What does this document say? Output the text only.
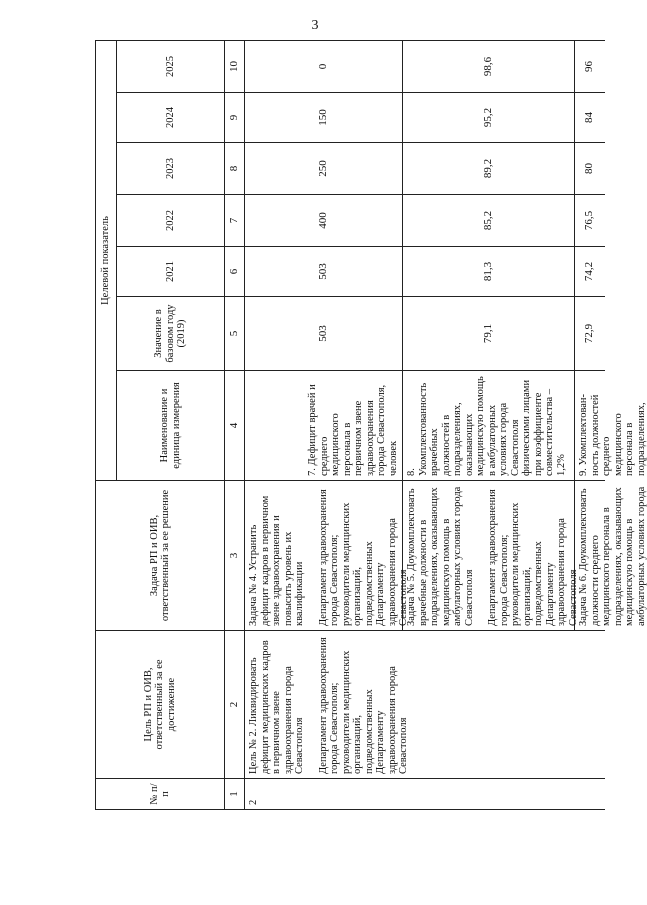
3
№ п/п
Цель РП и ОИВ, ответственный за ее достижение
Задача РП и ОИВ, ответственный за ее решение
Целевой показатель
Наименование и единица измерения
Значение в базовом году (2019)
2021
2022
2023
2024
2025
1
2
3
4
5
6
7
8
9
10
2

Цель № 2. Ликвидировать дефицит медицинских кадров в первичном звене здравоохранения города Севастополя Департамент здравоохранения города Севастополя; руководители медицинских организаций, подведомственных Департаменту здравоохранения города Севастополя

Задача № 4. Устранить дефицит кадров в первичном звене здравоохранения и повысить уровень их квалификации Департамент здравоохранения города Севастополя; руководители медицинских организаций, подведомственных Департаменту здравоохранения города Севастополя

7. Дефицит врачей и среднего медицинского персонала в первичном звене здравоохранения города Севастополя, человек
503
503
400
250
150
0

Задача № 5. Доукомплектовать врачебные должности в подразделениях, оказывающих медицинскую помощь в амбулаторных условиях города Севастополя Департамент здравоохранения города Севастополя; руководители медицинских организаций, подведомственных Департаменту здравоохранения города Севастополя

8. Укомплектованность врачебных должностей в подразделениях, оказывающих медицинскую помощь в амбулаторных условиях города Севастополя физическими лицами при коэффициенте совместительства – 1,2%
79,1
81,3
85,2
89,2
95,2
98,6

Задача № 6. Доукомплектовать должности среднего медицинского персонала в подразделениях, оказывающих медицинскую помощь в амбулаторных условиях города

9. Укомплектован-ность должностей среднего медицинского персонала в подразделениях,
72,9
74,2
76,5
80
84
96
